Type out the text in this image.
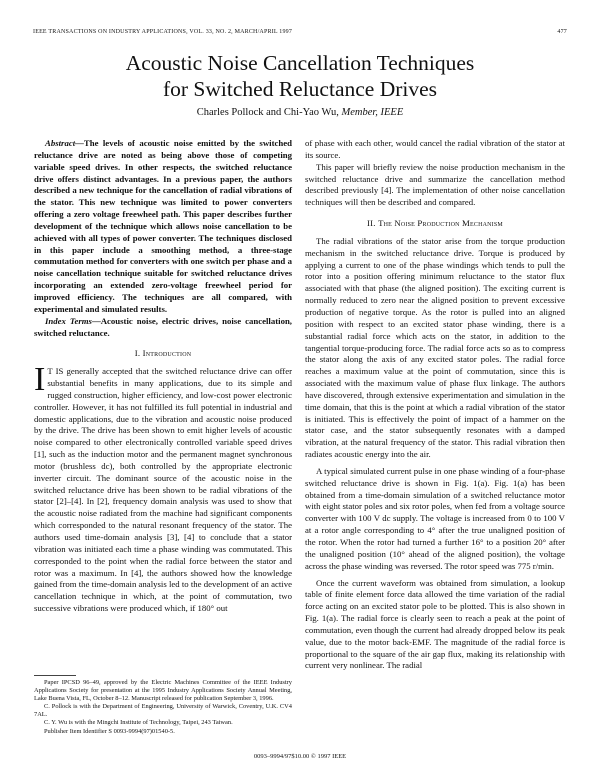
IEEE TRANSACTIONS ON INDUSTRY APPLICATIONS, VOL. 33, NO. 2, MARCH/APRIL 1997	477
Acoustic Noise Cancellation Techniques
for Switched Reluctance Drives
Charles Pollock and Chi-Yao Wu, Member, IEEE

Abstract—The levels of acoustic noise emitted by the switched reluctance drive are noted as being above those of competing variable speed drives. In other respects, the switched reluctance drive offers distinct advantages. In a previous paper, the authors described a new technique for the cancellation of radial vibrations of the stator. This new technique was limited to power converters offering a zero voltage freewheel path. This paper describes further development of the technique which allows noise cancellation to be achieved with all types of power converter. The techniques disclosed in this paper include a smoothing method, a three-stage commutation method for converters with one switch per phase and a noise cancellation technique suitable for switched reluctance drives incorporating an extended zero-voltage freewheel period for improved efficiency. The techniques are all compared, with experimental and simulated results.

Index Terms—Acoustic noise, electric drives, noise cancellation, switched reluctance.

I. Introduction

I T IS generally accepted that the switched reluctance drive can offer substantial benefits in many applications, due to its simple and rugged construction, higher efficiency, and low-cost power electronic controller. However, it has not fulfilled its full potential in industrial and domestic applications, due to the vibration and acoustic noise produced by the drive. The drive has been shown to emit higher levels of acoustic noise compared to other electronically controlled variable speed drives [1], such as the induction motor and the permanent magnet synchronous motor (brushless dc), both controlled by the appropriate electronic inverter circuit. The dominant source of the acoustic noise in the switched reluctance drive has been shown to be radial vibrations of the stator [2]–[4]. In [2], frequency domain analysis was used to show that the acoustic noise radiated from the machine had significant components which corresponded to the natural resonant frequency of the stator. The authors used time-domain analysis [3], [4] to conclude that a stator vibration was initiated each time a phase winding was commutated. This corresponded to the point when the radial force between the stator and rotor was a maximum. In [4], the authors showed how the knowledge gained from the time-domain analysis led to the development of an active cancellation technique in which, at the point of commutation, two successive vibrations were produced which, if 180° out

of phase with each other, would cancel the radial vibration of the stator at its source.

This paper will briefly review the noise production mechanism in the switched reluctance drive and summarize the cancellation method described previously [4]. The implementation of other noise cancellation techniques will then be described and compared.

II. The Noise Production Mechanism

The radial vibrations of the stator arise from the torque production mechanism in the switched reluctance drive. Torque is produced by applying a current to one of the phase windings which tends to pull the rotor into a position offering minimum reluctance to the stator flux associated with that phase (the aligned position). The exciting current is normally reduced to zero near the aligned position to prevent excessive production of negative torque. As the rotor is pulled into an aligned position with respect to an excited stator phase winding, there is a substantial radial force which acts on the stator, in addition to the tangential torque-producing force. The radial force acts so as to compress the stator along the axis of any excited stator poles. The radial force reaches a maximum value at the point of commutation, since this is associated with the maximum value of phase flux linkage. The authors have discovered, through extensive experimentation and simulation in the time domain, that this is the point at which a radial vibration of the stator is initiated. This is effectively the point of impact of a hammer on the stator case, and the stator subsequently resonates with a damped vibration, at the natural frequency of the stator. This radial vibration then radiates acoustic energy into the air.

A typical simulated current pulse in one phase winding of a four-phase switched reluctance drive is shown in Fig. 1(a). Fig. 1(a) has been obtained from a time-domain simulation of a switched reluctance motor with eight stator poles and six rotor poles, when fed from a voltage source converter with 100 V dc supply. The voltage is increased from 0 to 100 V at a rotor angle corresponding to 4° after the true unaligned position of the rotor. When the rotor had turned a further 16° to a position 20° after the unaligned position (10° ahead of the aligned position), the voltage across the phase winding was reversed. The rotor speed was 775 r/min.

Once the current waveform was obtained from simulation, a lookup table of finite element force data allowed the time variation of the radial force acting on an excited stator pole to be plotted. This is also shown in Fig. 1(a). The radial force is clearly seen to reach a peak at the point of commutation, even though the current had already dropped below its peak value, due to the motor back-EMF. The magnitude of the radial force is proportional to the square of the air gap flux, making its relationship with current very nonlinear. The radial

Paper IPCSD 96–49, approved by the Electric Machines Committee of the IEEE Industry Applications Society for presentation at the 1995 Industry Applications Society Annual Meeting, Lake Buena Vista, FL, October 8–12. Manuscript released for publication September 3, 1996.

C. Pollock is with the Department of Engineering, University of Warwick, Coventry, U.K. CV4 7AL.

C. Y. Wu is with the Mingchi Institute of Technology, Taipei, 243 Taiwan.

Publisher Item Identifier S 0093-9994(97)01540-5.

0093–9994/97$10.00 © 1997 IEEE
